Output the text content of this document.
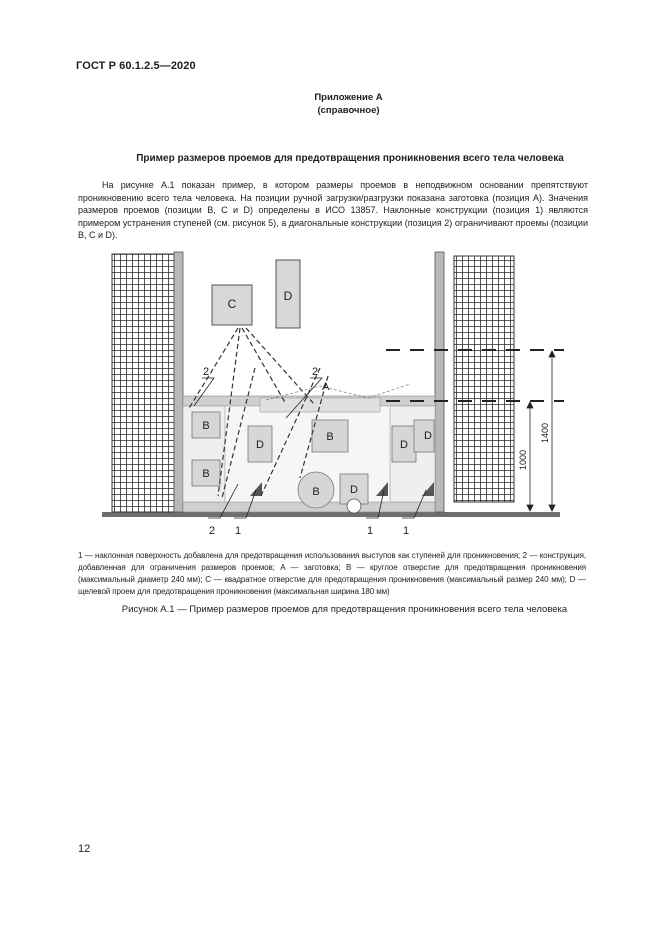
ГОСТ Р 60.1.2.5—2020
Приложение А
(справочное)
Пример размеров проемов для предотвращения проникновения всего тела человека

На рисунке А.1 показан пример, в котором размеры проемов в неподвижном основании препятствуют проникновению всего тела человека. На позиции ручной загрузки/разгрузки показана заготовка (позиция А). Значения размеров проемов (позиции В, С и D) определены в ИСО 13857. Наклонные конструкции (позиция 1) являются примером устранения ступеней (см. рисунок 5), а диагональные конструкции (позиция 2) ограничивают проемы (позиции В, С и D).

C
D
A
B
B
D
B
D
D
D
B
2	2
2 1	1	1
1000
1400

1 — наклонная поверхность добавлена для предотвращения использования выступов как ступеней для проникновения; 2 — конструкция, добавленная для ограничения размеров проемов; A — заготовка; B — круглое отверстие для предотвращения проникновения (максимальный диаметр 240 мм); C — квадратное отверстие для предотвращения проникновения (максимальный размер 240 мм); D — щелевой проем для предотвращения проникновения (максимальная ширина 180 мм)

Рисунок А.1 — Пример размеров проемов для предотвращения проникновения всего тела человека
12
